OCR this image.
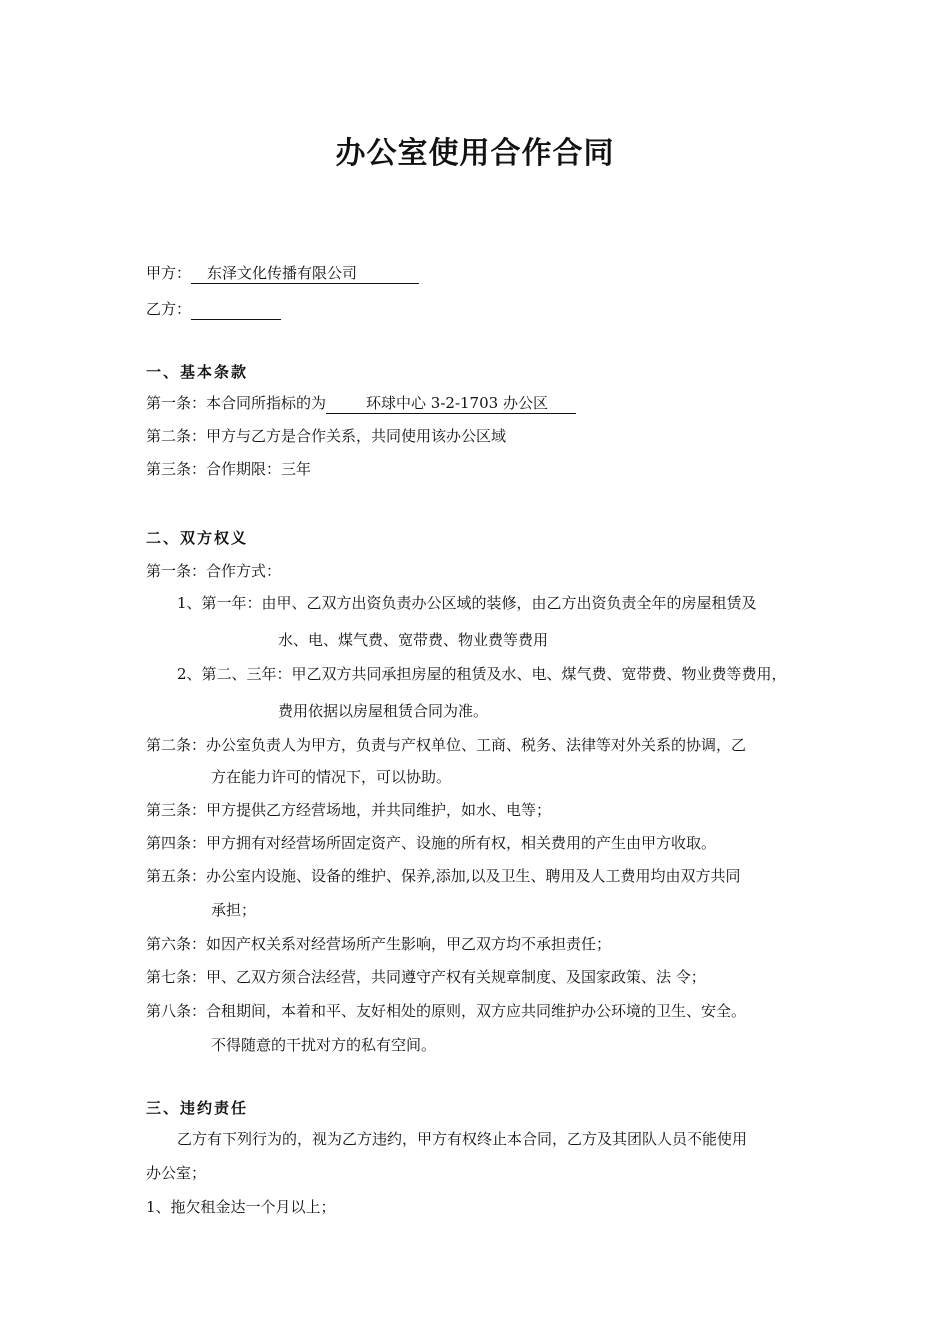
办公室使用合作合同
甲方： 东泽文化传播有限公司
乙方：
一、基本条款
第一条：本合同所指标的为	环球中心 3-2-1703 办公区
第二条：甲方与乙方是合作关系，共同使用该办公区域
第三条：合作期限：三年
二、双方权义
第一条：合作方式：
1、第一年：由甲、乙双方出资负责办公区域的装修，由乙方出资负责全年的房屋租赁及
水、电、煤气费、宽带费、物业费等费用
2、第二、三年：甲乙双方共同承担房屋的租赁及水、电、煤气费、宽带费、物业费等费用，
费用依据以房屋租赁合同为准。
第二条：办公室负责人为甲方，负责与产权单位、工商、税务、法律等对外关系的协调，乙
方在能力许可的情况下，可以协助。
第三条：甲方提供乙方经营场地，并共同维护，如水、电等；
第四条：甲方拥有对经营场所固定资产、设施的所有权，相关费用的产生由甲方收取。
第五条：办公室内设施、设备的维护、保养,添加,以及卫生、聘用及人工费用均由双方共同
承担；
第六条：如因产权关系对经营场所产生影响，甲乙双方均不承担责任；
第七条：甲、乙双方须合法经营，共同遵守产权有关规章制度、及国家政策、法 令；
第八条：合租期间，本着和平、友好相处的原则，双方应共同维护办公环境的卫生、安全。
不得随意的干扰对方的私有空间。
三、违约责任
乙方有下列行为的，视为乙方违约，甲方有权终止本合同，乙方及其团队人员不能使用
办公室；
1、拖欠租金达一个月以上；
